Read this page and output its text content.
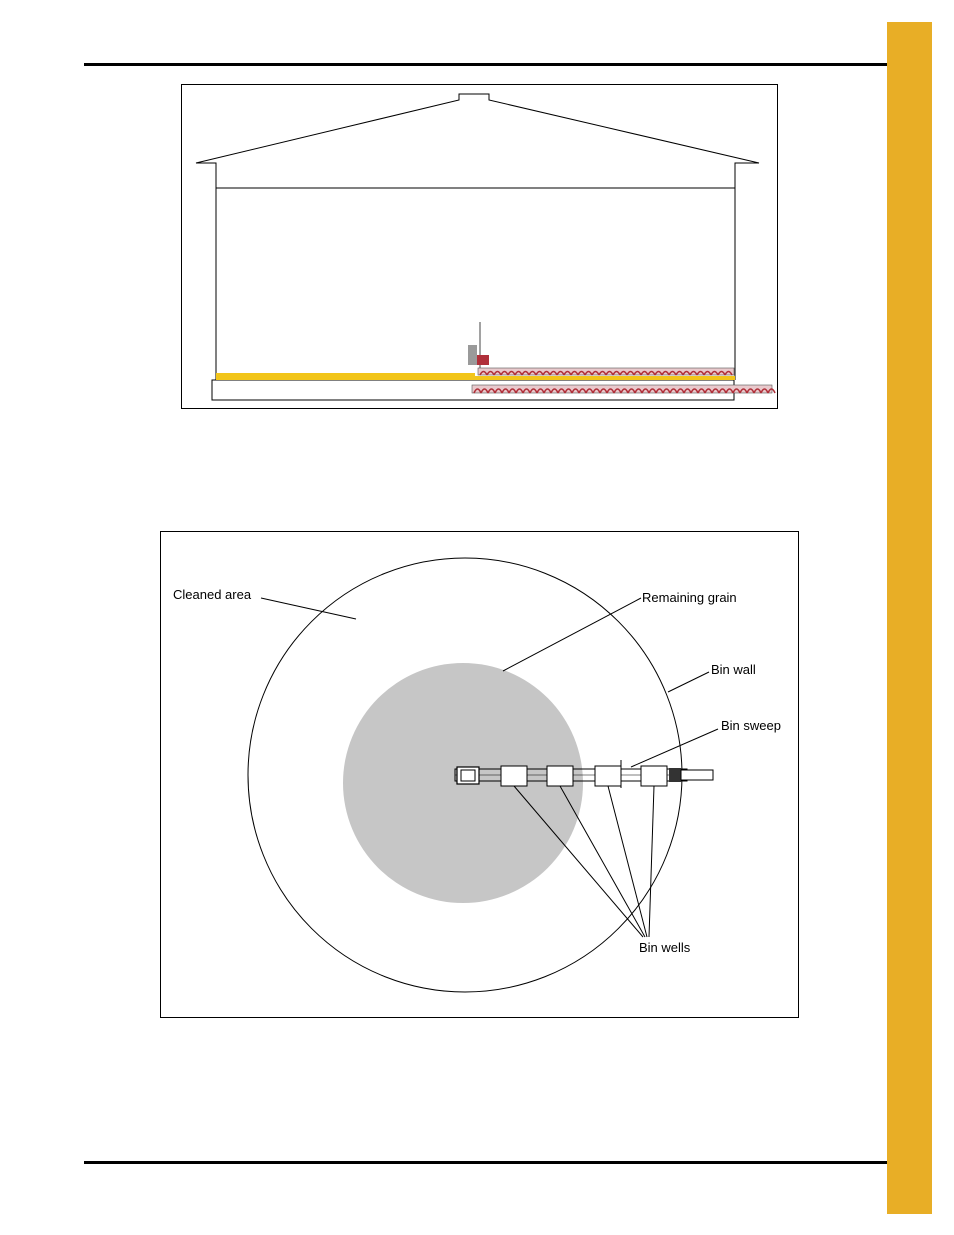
Cleaned area	Remaining grain
Bin wall
Bin sweep
Bin wells
